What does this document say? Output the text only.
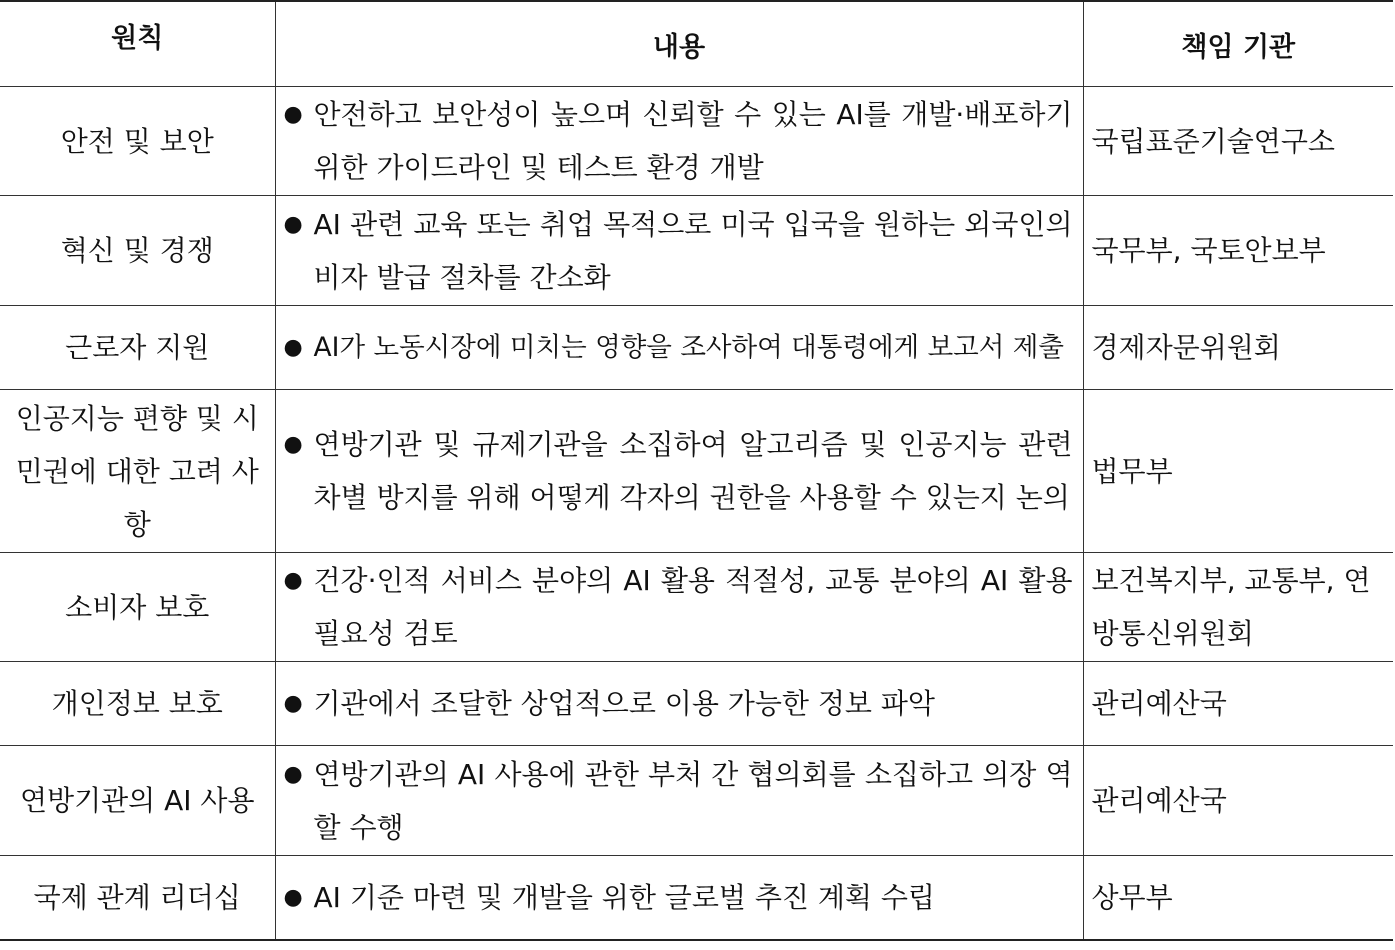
원칙	내용	책임 기관
안전 및 보안	● 안전하고 보안성이 높으며 신뢰할 수 있는 AI를 개발·배포하기 위한 가이드라인 및 테스트 환경 개발	국립표준기술연구소
혁신 및 경쟁	● AI 관련 교육 또는 취업 목적으로 미국 입국을 원하는 외국인의 비자 발급 절차를 간소화	국무부, 국토안보부
근로자 지원	● AI가 노동시장에 미치는 영향을 조사하여 대통령에게 보고서 제출	경제자문위원회
인공지능 편향 및 시민권에 대한 고려 사항	● 연방기관 및 규제기관을 소집하여 알고리즘 및 인공지능 관련 차별 방지를 위해 어떻게 각자의 권한을 사용할 수 있는지 논의	법무부
소비자 보호	● 건강·인적 서비스 분야의 AI 활용 적절성, 교통 분야의 AI 활용 필요성 검토	보건복지부, 교통부, 연방통신위원회
개인정보 보호	● 기관에서 조달한 상업적으로 이용 가능한 정보 파악	관리예산국
연방기관의 AI 사용	● 연방기관의 AI 사용에 관한 부처 간 협의회를 소집하고 의장 역할 수행	관리예산국
국제 관계 리더십	● AI 기준 마련 및 개발을 위한 글로벌 추진 계획 수립	상무부
